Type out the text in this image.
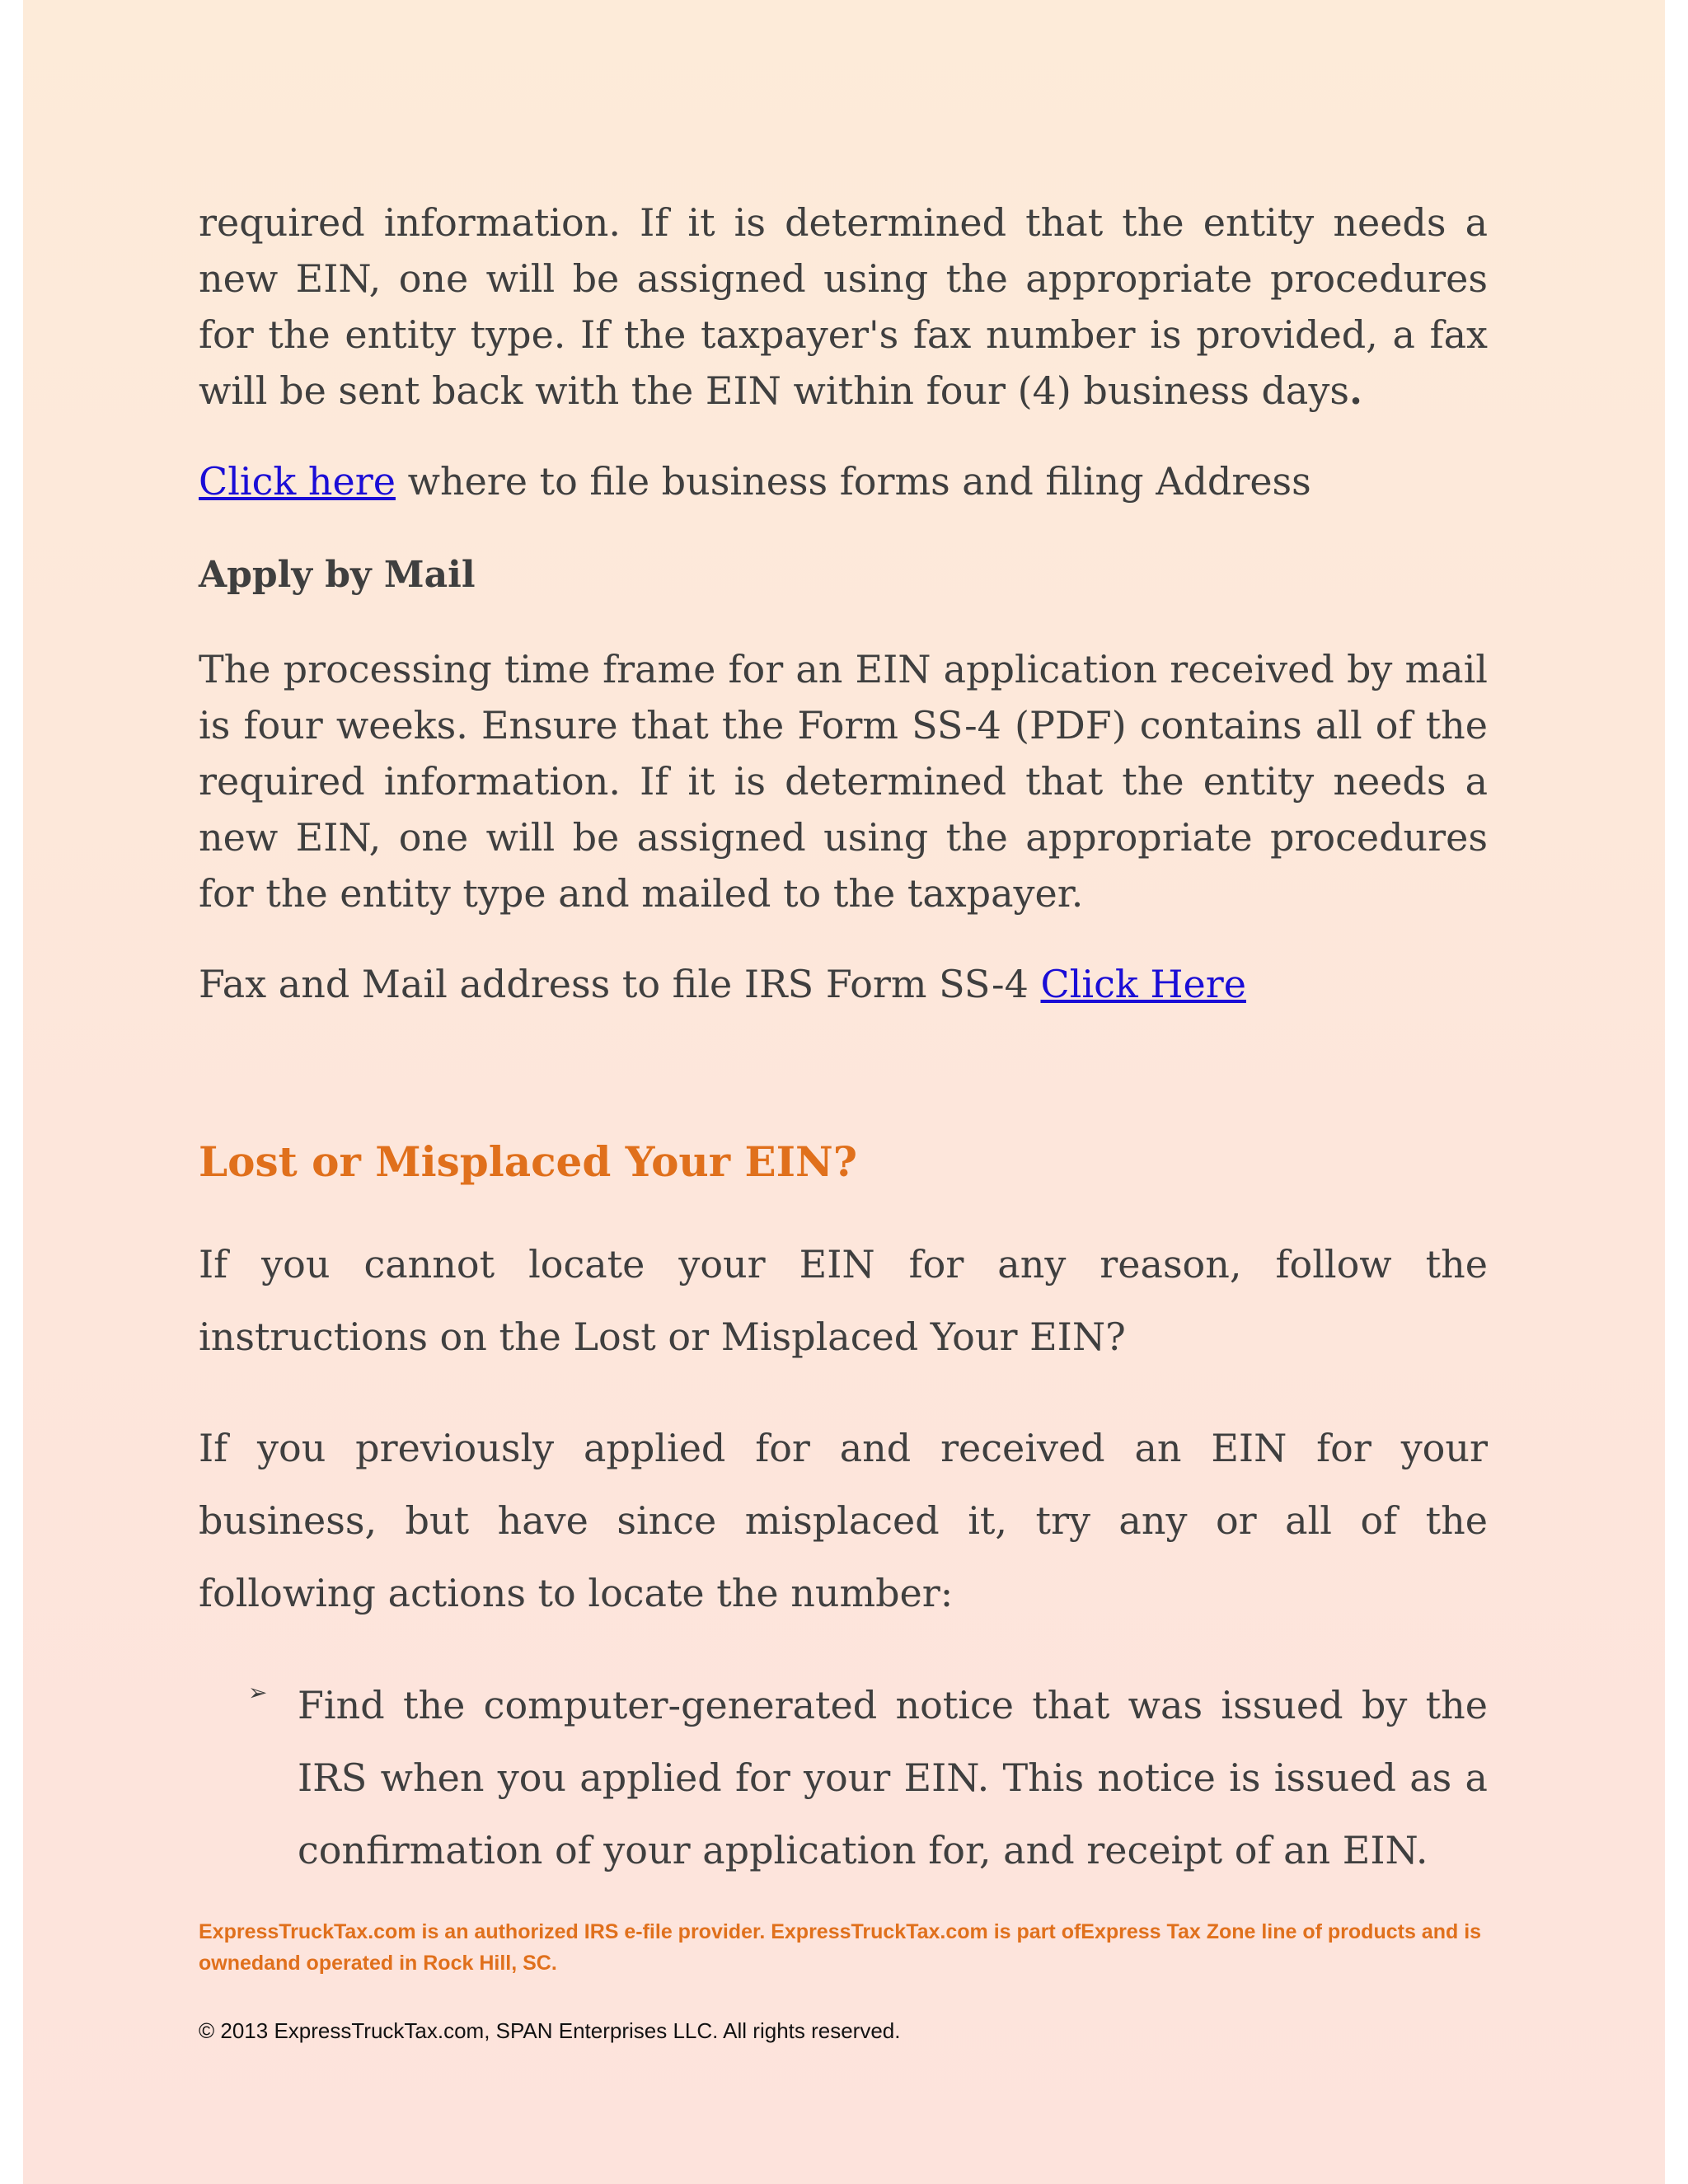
required information. If it is determined that the entity needs a new EIN, one will be assigned using the appropriate procedures for the entity type. If the taxpayer's fax number is provided, a fax will be sent back with the EIN within four (4) business days.

Click here where to file business forms and filing Address

Apply by Mail

The processing time frame for an EIN application received by mail is four weeks. Ensure that the Form SS-4 (PDF) contains all of the required information. If it is determined that the entity needs a new EIN, one will be assigned using the appropriate procedures for the entity type and mailed to the taxpayer.

Fax and Mail address to file IRS Form SS-4 Click Here

Lost or Misplaced Your EIN?

If you cannot locate your EIN for any reason, follow the instructions on the Lost or Misplaced Your EIN?

If you previously applied for and received an EIN for your business, but have since misplaced it, try any or all of the following actions to locate the number:

➢ Find the computer-generated notice that was issued by the IRS when you applied for your EIN. This notice is issued as a confirmation of your application for, and receipt of an EIN.

ExpressTruckTax.com is an authorized IRS e-file provider. ExpressTruckTax.com is part ofExpress Tax Zone line of products and is ownedand operated in Rock Hill, SC.

© 2013 ExpressTruckTax.com, SPAN Enterprises LLC. All rights reserved.
